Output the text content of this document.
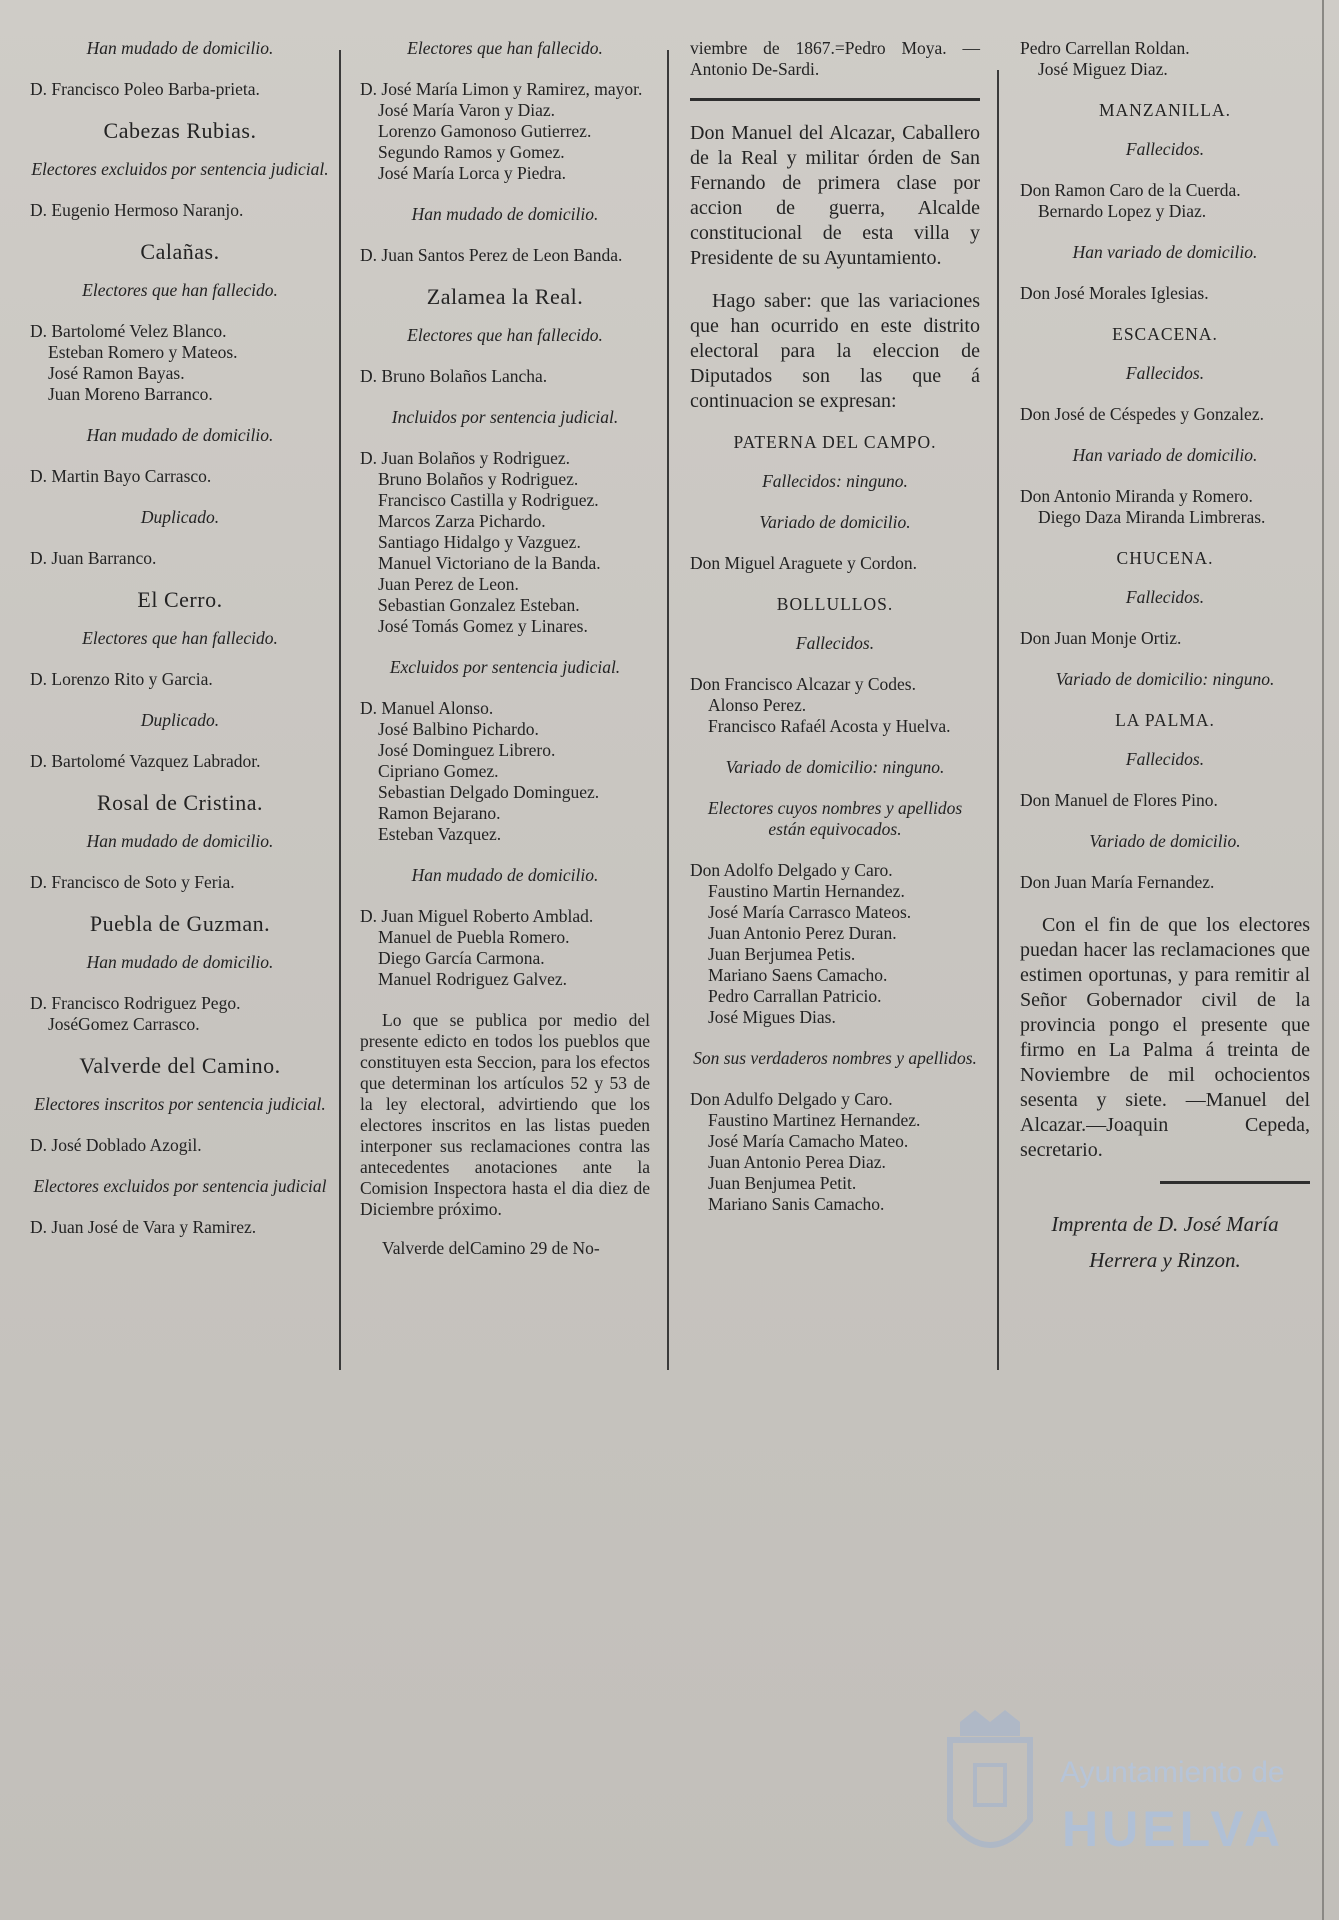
Han mudado de domicilio.
D. Francisco Poleo Barba-prieta.
Cabezas Rubias.
Electores excluidos por sentencia judicial.
D. Eugenio Hermoso Naranjo.
Calañas.
Electores que han fallecido.
D. Bartolomé Velez Blanco.
Esteban Romero y Mateos.
José Ramon Bayas.
Juan Moreno Barranco.
Han mudado de domicilio.
D. Martin Bayo Carrasco.
Duplicado.
D. Juan Barranco.
El Cerro.
Electores que han fallecido.
D. Lorenzo Rito y Garcia.
Duplicado.
D. Bartolomé Vazquez Labrador.
Rosal de Cristina.
Han mudado de domicilio.
D. Francisco de Soto y Feria.
Puebla de Guzman.
Han mudado de domicilio.
D. Francisco Rodriguez Pego.
JoséGomez Carrasco.
Valverde del Camino.
Electores inscritos por sentencia judicial.
D. José Doblado Azogil.
Electores excluidos por sentencia judicial
D. Juan José de Vara y Ramirez.
Electores que han fallecido.
D. José María Limon y Ramirez, mayor.
José María Varon y Diaz.
Lorenzo Gamonoso Gutierrez.
Segundo Ramos y Gomez.
José María Lorca y Piedra.
Han mudado de domicilio.
D. Juan Santos Perez de Leon Banda.
Zalamea la Real.
Electores que han fallecido.
D. Bruno Bolaños Lancha.
Incluidos por sentencia judicial.
D. Juan Bolaños y Rodriguez.
Bruno Bolaños y Rodriguez.
Francisco Castilla y Rodriguez.
Marcos Zarza Pichardo.
Santiago Hidalgo y Vazguez.
Manuel Victoriano de la Banda.
Juan Perez de Leon.
Sebastian Gonzalez Esteban.
José Tomás Gomez y Linares.
Excluidos por sentencia judicial.
D. Manuel Alonso.
José Balbino Pichardo.
José Dominguez Librero.
Cipriano Gomez.
Sebastian Delgado Dominguez.
Ramon Bejarano.
Esteban Vazquez.
Han mudado de domicilio.
D. Juan Miguel Roberto Amblad.
Manuel de Puebla Romero.
Diego García Carmona.
Manuel Rodriguez Galvez.
Lo que se publica por medio del presente edicto en todos los pueblos que constituyen esta Seccion, para los efectos que determinan los artículos 52 y 53 de la ley electoral, advirtiendo que los electores inscritos en las listas pueden interponer sus reclamaciones contra las antecedentes anotaciones ante la Comision Inspectora hasta el dia diez de Diciembre próximo.
Valverde delCamino 29 de No-
viembre de 1867.=Pedro Moya. —Antonio De-Sardi.
Don Manuel del Alcazar, Caballero de la Real y militar órden de San Fernando de primera clase por accion de guerra, Alcalde constitucional de esta villa y Presidente de su Ayuntamiento.
Hago saber: que las variaciones que han ocurrido en este distrito electoral para la eleccion de Diputados son las que á continuacion se expresan:
PATERNA DEL CAMPO.
Fallecidos: ninguno.
Variado de domicilio.
Don Miguel Araguete y Cordon.
BOLLULLOS.
Fallecidos.
Don Francisco Alcazar y Codes.
Alonso Perez.
Francisco Rafaél Acosta y Huelva.
Variado de domicilio: ninguno.
Electores cuyos nombres y apellidos están equivocados.
Don Adolfo Delgado y Caro.
Faustino Martin Hernandez.
José María Carrasco Mateos.
Juan Antonio Perez Duran.
Juan Berjumea Petis.
Mariano Saens Camacho.
Pedro Carrallan Patricio.
José Migues Dias.
Son sus verdaderos nombres y apellidos.
Don Adulfo Delgado y Caro.
Faustino Martinez Hernandez.
José María Camacho Mateo.
Juan Antonio Perea Diaz.
Juan Benjumea Petit.
Mariano Sanis Camacho.
Pedro Carrellan Roldan.
José Miguez Diaz.
MANZANILLA.
Fallecidos.
Don Ramon Caro de la Cuerda.
Bernardo Lopez y Diaz.
Han variado de domicilio.
Don José Morales Iglesias.
ESCACENA.
Fallecidos.
Don José de Céspedes y Gonzalez.
Han variado de domicilio.
Don Antonio Miranda y Romero.
Diego Daza Miranda Limbreras.
CHUCENA.
Fallecidos.
Don Juan Monje Ortiz.
Variado de domicilio: ninguno.
LA PALMA.
Fallecidos.
Don Manuel de Flores Pino.
Variado de domicilio.
Don Juan María Fernandez.
Con el fin de que los electores puedan hacer las reclamaciones que estimen oportunas, y para remitir al Señor Gobernador civil de la provincia pongo el presente que firmo en La Palma á treinta de Noviembre de mil ochocientos sesenta y siete. —Manuel del Alcazar.—Joaquin Cepeda, secretario.
Imprenta de D. José María Herrera y Rinzon.
Ayuntamiento de
HUELVA
